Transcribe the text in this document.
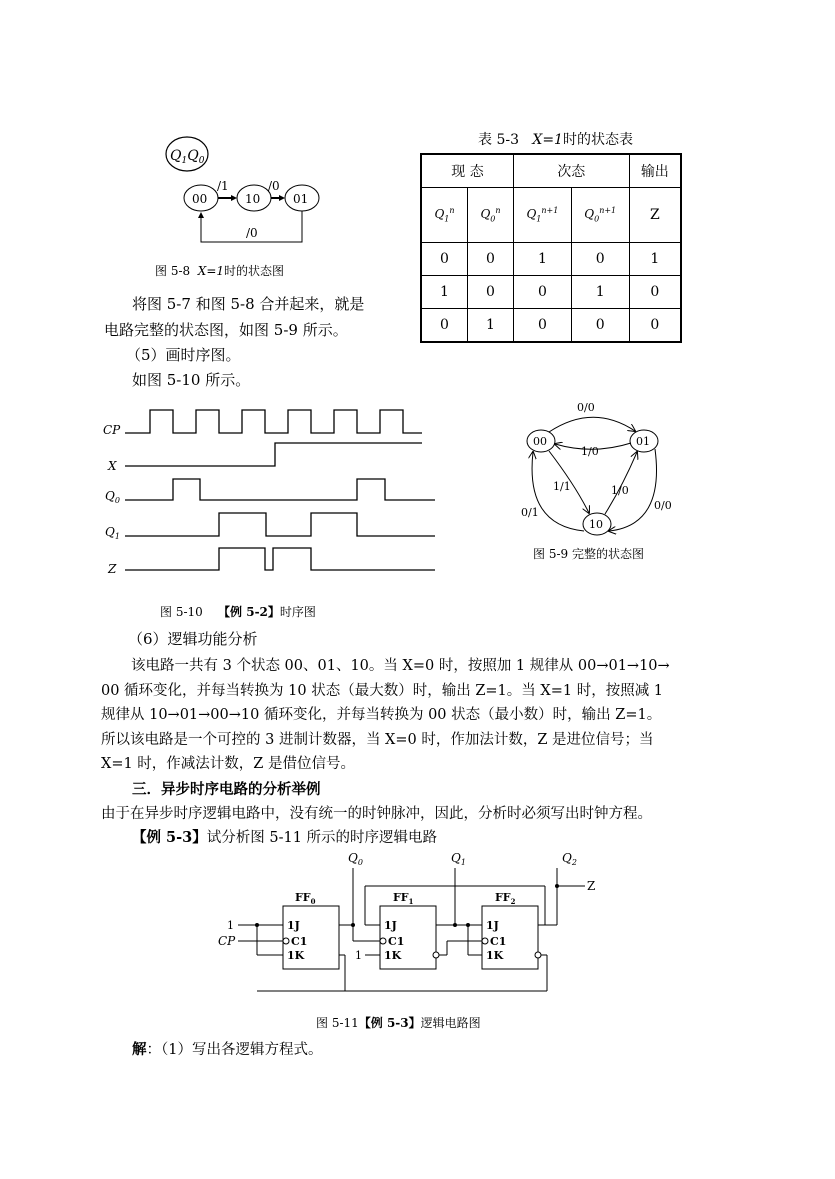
$Q_1Q_0$
00	10	01
/1	/0
/0
图 5-8 X=1时的状态图
表 5-3 X=1时的状态表
现 态		次态		输出
$Q_1^n$	$Q_0^n$	$Q_1^{n+1}$	$Q_0^{n+1}$	Z
0	0	1	0	1
1	0	0	1	0
0	1	0	0	0
将图 5-7 和图 5-8 合并起来，就是
电路完整的状态图，如图 5-9 所示。
（5）画时序图。
如图 5-10 所示。
CP
X
$Q_0$
$Q_1$
Z
图 5-10 【例 5-2】时序图
00	01
10
0/0
1/0
1/1	1/0
0/1
0/0
图 5-9 完整的状态图
（6）逻辑功能分析
该电路一共有 3 个状态 00、01、10。当 X=0 时，按照加 1 规律从 00→01→10→
00 循环变化，并每当转换为 10 状态（最大数）时，输出 Z=1。当 X=1 时，按照减 1
规律从 10→01→00→10 循环变化，并每当转换为 00 状态（最小数）时，输出 Z=1。
所以该电路是一个可控的 3 进制计数器，当 X=0 时，作加法计数，Z 是进位信号；当
X=1 时，作减法计数，Z 是借位信号。
三．异步时序电路的分析举例
由于在异步时序逻辑电路中，没有统一的时钟脉冲，因此，分析时必须写出时钟方程。
【例 5-3】试分析图 5-11 所示的时序逻辑电路
$FF_0$	$FF_1$	$FF_2$
1J
C1
1K
1J
C1
1K
1J
C1
1K
$Q_0$	$Q_1$	$Q_2$
CP
Z
1
1
图 5-11【例 5-3】逻辑电路图
解：（1）写出各逻辑方程式。
